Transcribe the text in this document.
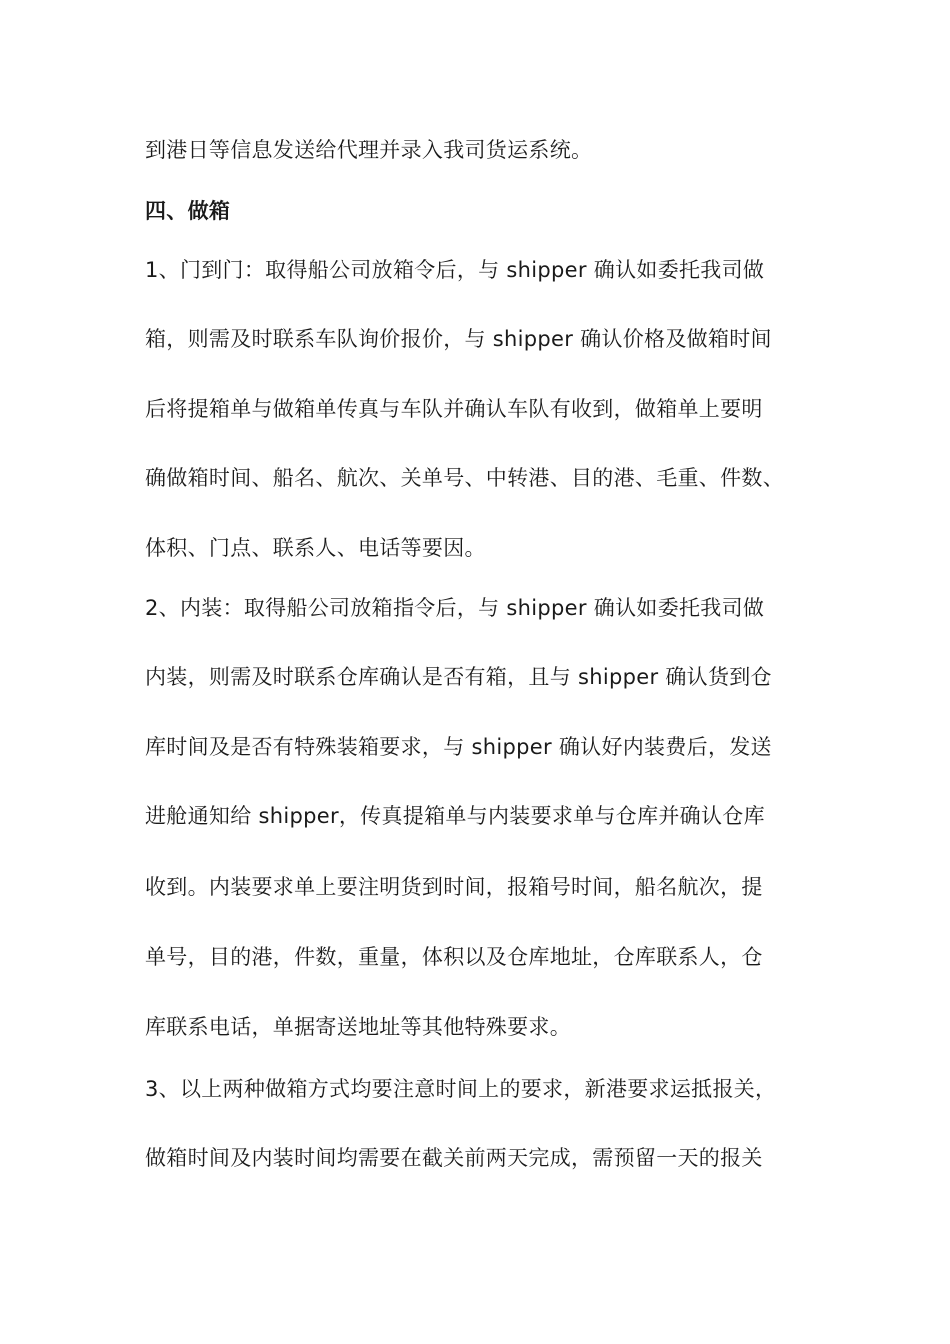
到港日等信息发送给代理并录入我司货运系统。
四、做箱
1、门到门：取得船公司放箱令后，与 shipper 确认如委托我司做
箱，则需及时联系车队询价报价，与 shipper 确认价格及做箱时间
后将提箱单与做箱单传真与车队并确认车队有收到，做箱单上要明
确做箱时间、船名、航次、关单号、中转港、目的港、毛重、件数、
体积、门点、联系人、电话等要因。
2、内装：取得船公司放箱指令后，与 shipper 确认如委托我司做
内装，则需及时联系仓库确认是否有箱，且与 shipper 确认货到仓
库时间及是否有特殊装箱要求，与 shipper 确认好内装费后，发送
进舱通知给 shipper，传真提箱单与内装要求单与仓库并确认仓库
收到。内装要求单上要注明货到时间，报箱号时间，船名航次，提
单号，目的港，件数，重量，体积以及仓库地址，仓库联系人，仓
库联系电话，单据寄送地址等其他特殊要求。
3、以上两种做箱方式均要注意时间上的要求，新港要求运抵报关，
做箱时间及内装时间均需要在截关前两天完成，需预留一天的报关
